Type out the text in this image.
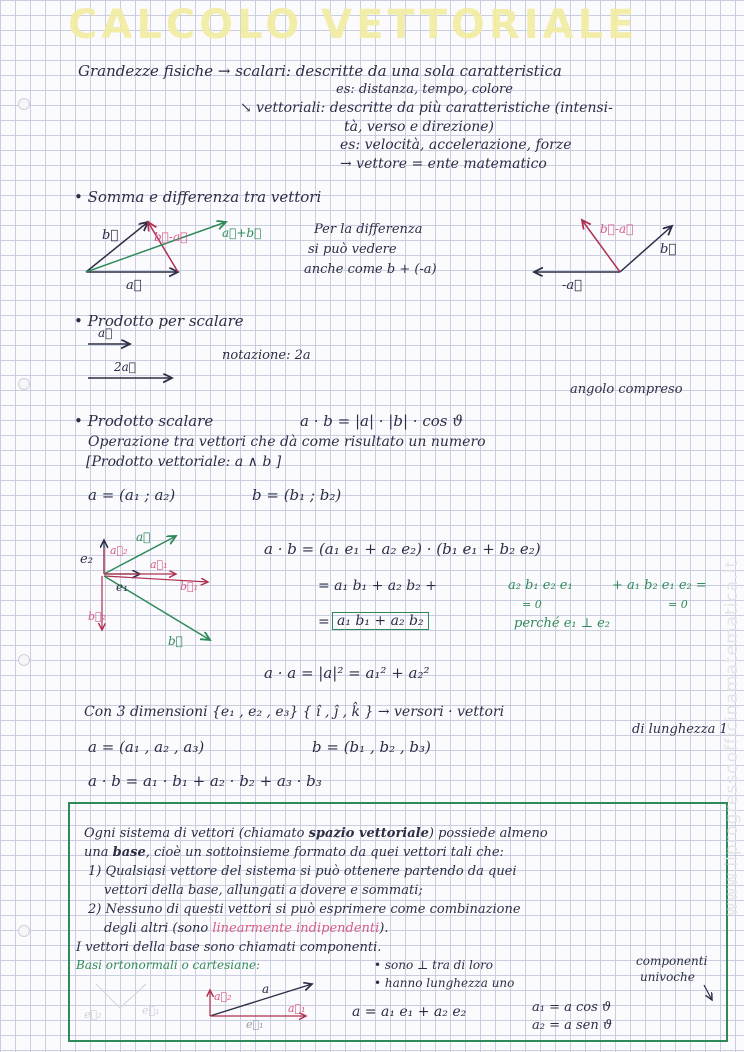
CALCOLO VETTORIALE
Grandezze fisiche → scalari: descritte da una sola caratteristica
es: distanza, tempo, colore
↘ vettoriali: descritte da più caratteristiche (intensi-
tà, verso e direzione)
es: velocità, accelerazione, forze
→ vettore = ente matematico
• Somma e differenza tra vettori
a⃗
b⃗	b⃗-a⃗	a⃗+b⃗	Per la differenza
si può vedere
anche come b + (-a)
b⃗-a⃗
b⃗
-a⃗
• Prodotto per scalare
a⃗
2a⃗
notazione: 2a
angolo compreso
• Prodotto scalare	a · b = |a| · |b| · cos ϑ
Operazione tra vettori che dà come risultato un numero
[Prodotto vettoriale: a ∧ b ]
a = (a₁ ; a₂)	b = (b₁ ; b₂)
e₂
e₁
a⃗
a⃗₁
a⃗₂
b⃗₁
b⃗₂
b⃗
a · b = (a₁ e₁ + a₂ e₂) · (b₁ e₁ + b₂ e₂)
= a₁ b₁ + a₂ b₂ +	a₂ b₁ e₂ e₁	+ a₁ b₂ e₁ e₂ =
= 0	= 0
= a₁ b₁ + a₂ b₂	perché e₁ ⊥ e₂
a · a = |a|² = a₁² + a₂²
Con 3 dimensioni {e₁ , e₂ , e₃} { î , ĵ , k̂ } → versori · vettori
di lunghezza 1
a = (a₁ , a₂ , a₃)	b = (b₁ , b₂ , b₃)
a · b = a₁ · b₁ + a₂ · b₂ + a₃ · b₃
Ogni sistema di vettori (chiamato spazio vettoriale) possiede almeno
una base, cioè un sottoinsieme formato da quei vettori tali che:
1) Qualsiasi vettore del sistema si può ottenere partendo da quei
vettori della base, allungati a dovere e sommati;
2) Nessuno di questi vettori si può esprimere come combinazione
degli altri (sono linearmente indipendenti).
I vettori della base sono chiamati componenti.
Basi ortonormali o cartesiane:	• sono ⊥ tra di loro
• hanno lunghezza uno
componenti
univoche
e⃗₂	e⃗₁
a⃗₂
a⃗₁
a
e⃗₁
a = a₁ e₁ + a₂ e₂	a₁ = a cos ϑ
a₂ = a sen ϑ
www.ilprogressoofficinamatematica.it
